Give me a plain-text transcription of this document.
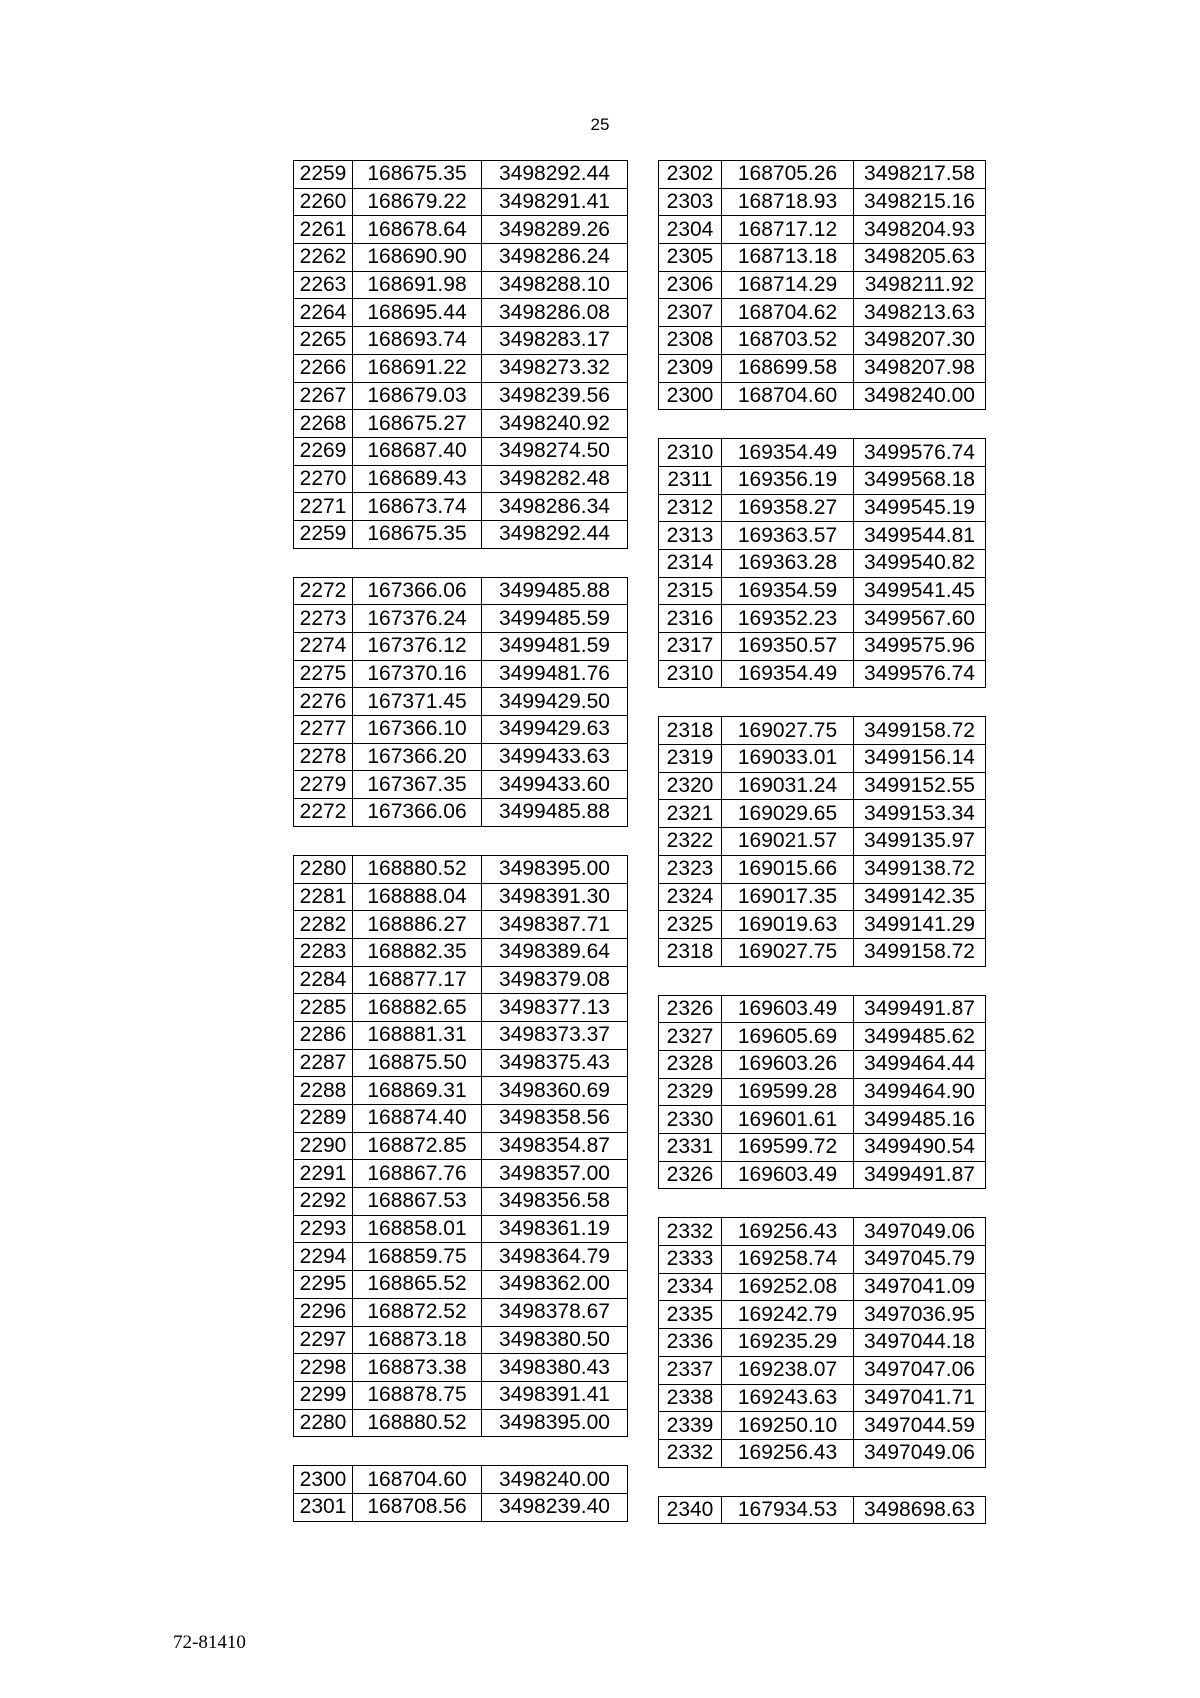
25
2259	168675.35	3498292.44
2260	168679.22	3498291.41
2261	168678.64	3498289.26
2262	168690.90	3498286.24
2263	168691.98	3498288.10
2264	168695.44	3498286.08
2265	168693.74	3498283.17
2266	168691.22	3498273.32
2267	168679.03	3498239.56
2268	168675.27	3498240.92
2269	168687.40	3498274.50
2270	168689.43	3498282.48
2271	168673.74	3498286.34
2259	168675.35	3498292.44
2272	167366.06	3499485.88
2273	167376.24	3499485.59
2274	167376.12	3499481.59
2275	167370.16	3499481.76
2276	167371.45	3499429.50
2277	167366.10	3499429.63
2278	167366.20	3499433.63
2279	167367.35	3499433.60
2272	167366.06	3499485.88
2280	168880.52	3498395.00
2281	168888.04	3498391.30
2282	168886.27	3498387.71
2283	168882.35	3498389.64
2284	168877.17	3498379.08
2285	168882.65	3498377.13
2286	168881.31	3498373.37
2287	168875.50	3498375.43
2288	168869.31	3498360.69
2289	168874.40	3498358.56
2290	168872.85	3498354.87
2291	168867.76	3498357.00
2292	168867.53	3498356.58
2293	168858.01	3498361.19
2294	168859.75	3498364.79
2295	168865.52	3498362.00
2296	168872.52	3498378.67
2297	168873.18	3498380.50
2298	168873.38	3498380.43
2299	168878.75	3498391.41
2280	168880.52	3498395.00
2300	168704.60	3498240.00
2301	168708.56	3498239.40
2302	168705.26	3498217.58
2303	168718.93	3498215.16
2304	168717.12	3498204.93
2305	168713.18	3498205.63
2306	168714.29	3498211.92
2307	168704.62	3498213.63
2308	168703.52	3498207.30
2309	168699.58	3498207.98
2300	168704.60	3498240.00
2310	169354.49	3499576.74
2311	169356.19	3499568.18
2312	169358.27	3499545.19
2313	169363.57	3499544.81
2314	169363.28	3499540.82
2315	169354.59	3499541.45
2316	169352.23	3499567.60
2317	169350.57	3499575.96
2310	169354.49	3499576.74
2318	169027.75	3499158.72
2319	169033.01	3499156.14
2320	169031.24	3499152.55
2321	169029.65	3499153.34
2322	169021.57	3499135.97
2323	169015.66	3499138.72
2324	169017.35	3499142.35
2325	169019.63	3499141.29
2318	169027.75	3499158.72
2326	169603.49	3499491.87
2327	169605.69	3499485.62
2328	169603.26	3499464.44
2329	169599.28	3499464.90
2330	169601.61	3499485.16
2331	169599.72	3499490.54
2326	169603.49	3499491.87
2332	169256.43	3497049.06
2333	169258.74	3497045.79
2334	169252.08	3497041.09
2335	169242.79	3497036.95
2336	169235.29	3497044.18
2337	169238.07	3497047.06
2338	169243.63	3497041.71
2339	169250.10	3497044.59
2332	169256.43	3497049.06
2340	167934.53	3498698.63
72-81410
